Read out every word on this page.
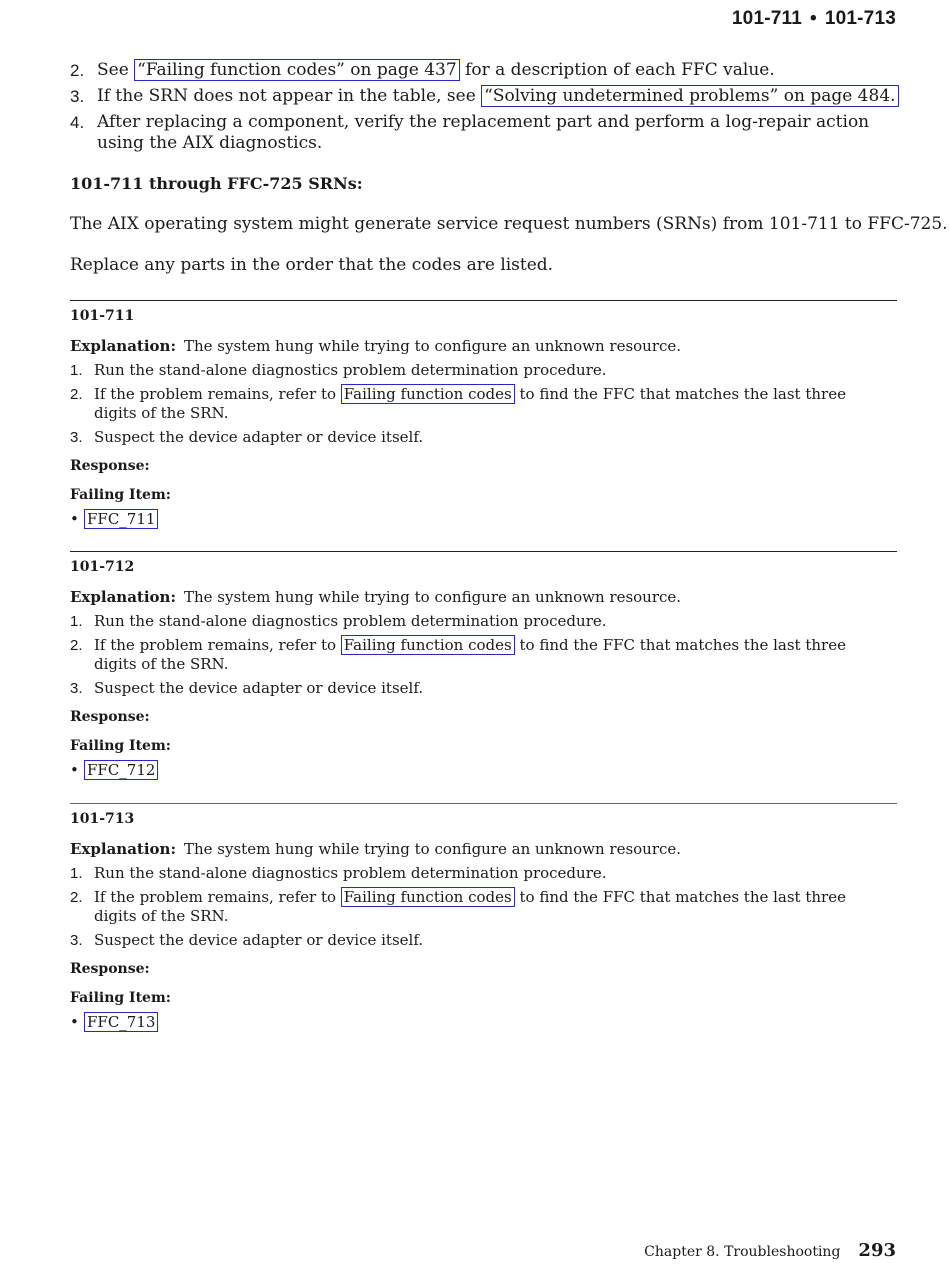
101-711 • 101-713
2. See “Failing function codes” on page 437 for a description of each FFC value.
3. If the SRN does not appear in the table, see “Solving undetermined problems” on page 484.
4. After replacing a component, verify the replacement part and perform a log-repair action using the AIX diagnostics.
101-711 through FFC-725 SRNs:
The AIX operating system might generate service request numbers (SRNs) from 101-711 to FFC-725.
Replace any parts in the order that the codes are listed.
101-711
Explanation: The system hung while trying to configure an unknown resource.
1. Run the stand-alone diagnostics problem determination procedure.
2. If the problem remains, refer to Failing function codes to find the FFC that matches the last three digits of the SRN.
3. Suspect the device adapter or device itself.
Response:
Failing Item:
• FFC_711
101-712
Explanation: The system hung while trying to configure an unknown resource.
1. Run the stand-alone diagnostics problem determination procedure.
2. If the problem remains, refer to Failing function codes to find the FFC that matches the last three digits of the SRN.
3. Suspect the device adapter or device itself.
Response:
Failing Item:
• FFC_712
101-713
Explanation: The system hung while trying to configure an unknown resource.
1. Run the stand-alone diagnostics problem determination procedure.
2. If the problem remains, refer to Failing function codes to find the FFC that matches the last three digits of the SRN.
3. Suspect the device adapter or device itself.
Response:
Failing Item:
• FFC_713
Chapter 8. Troubleshooting 293
